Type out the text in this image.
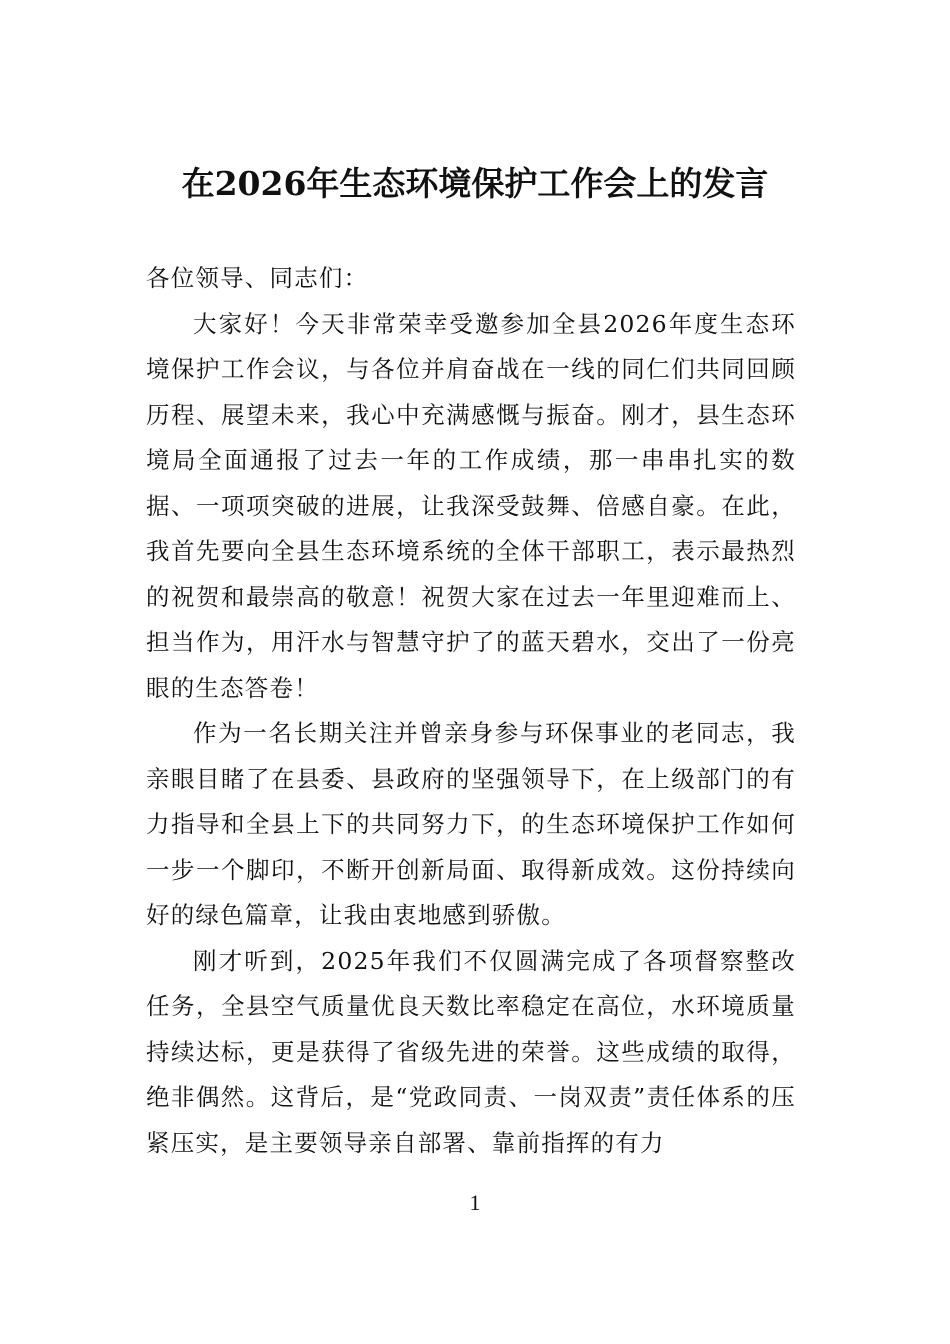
在2026年生态环境保护工作会上的发言

各位领导、同志们：

大家好！今天非常荣幸受邀参加全县2026年度生态环境保护工作会议，与各位并肩奋战在一线的同仁们共同回顾历程、展望未来，我心中充满感慨与振奋。刚才，县生态环境局全面通报了过去一年的工作成绩，那一串串扎实的数据、一项项突破的进展，让我深受鼓舞、倍感自豪。在此，我首先要向全县生态环境系统的全体干部职工，表示最热烈的祝贺和最崇高的敬意！祝贺大家在过去一年里迎难而上、担当作为，用汗水与智慧守护了的蓝天碧水，交出了一份亮眼的生态答卷！

作为一名长期关注并曾亲身参与环保事业的老同志，我亲眼目睹了在县委、县政府的坚强领导下，在上级部门的有力指导和全县上下的共同努力下，的生态环境保护工作如何一步一个脚印，不断开创新局面、取得新成效。这份持续向好的绿色篇章，让我由衷地感到骄傲。

刚才听到，2025年我们不仅圆满完成了各项督察整改任务，全县空气质量优良天数比率稳定在高位，水环境质量持续达标，更是获得了省级先进的荣誉。这些成绩的取得，绝非偶然。这背后，是“党政同责、一岗双责”责任体系的压紧压实，是主要领导亲自部署、靠前指挥的有力

1
